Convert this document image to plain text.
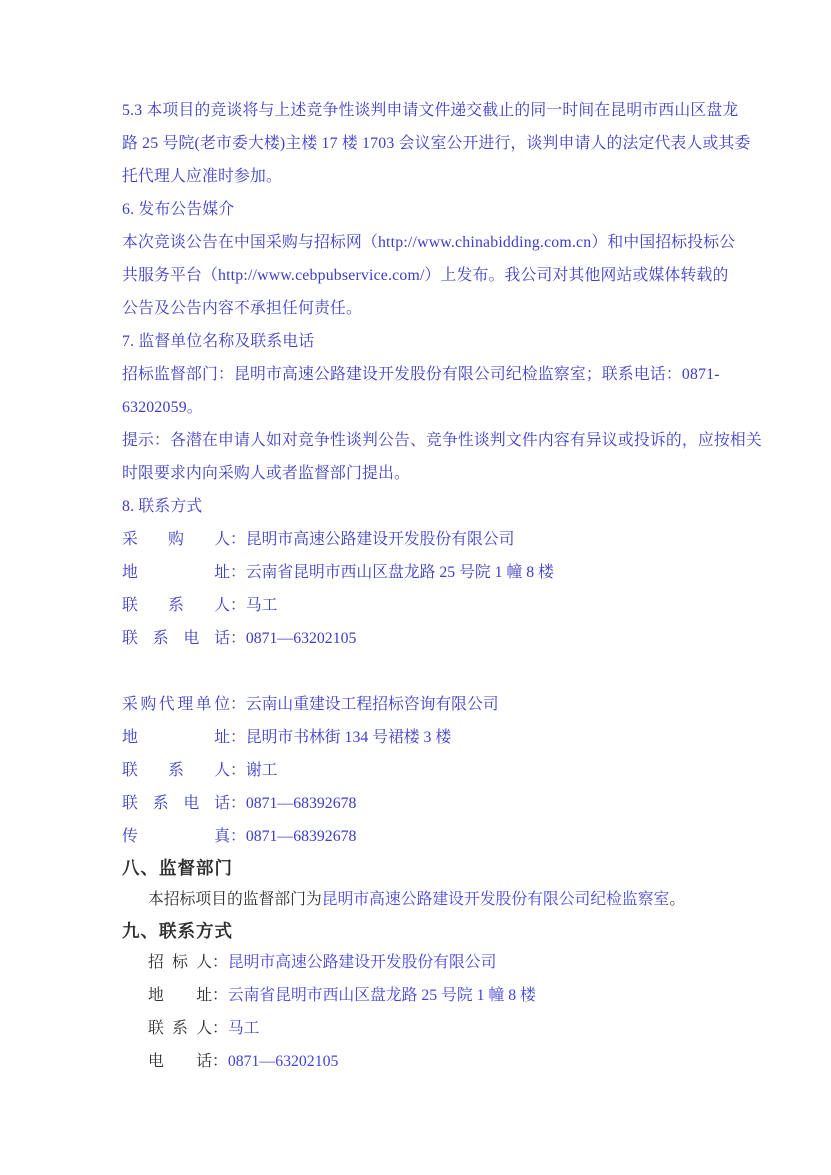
5.3 本项目的竞谈将与上述竞争性谈判申请文件递交截止的同一时间在昆明市西山区盘龙

路 25 号院(老市委大楼)主楼 17 楼 1703 会议室公开进行，谈判申请人的法定代表人或其委

托代理人应准时参加。

6. 发布公告媒介

本次竞谈公告在中国采购与招标网（http://www.chinabidding.com.cn）和中国招标投标公

共服务平台（http://www.cebpubservice.com/）上发布。我公司对其他网站或媒体转载的

公告及公告内容不承担任何责任。

7. 监督单位名称及联系电话

招标监督部门：昆明市高速公路建设开发股份有限公司纪检监察室；联系电话：0871-

63202059。

提示：各潜在申请人如对竞争性谈判公告、竞争性谈判文件内容有异议或投诉的，应按相关

时限要求内向采购人或者监督部门提出。

8. 联系方式

采购人：昆明市高速公路建设开发股份有限公司
地址：云南省昆明市西山区盘龙路 25 号院 1 幢 8 楼
联系人：马工
联系电话：0871—63202105
采购代理单位：云南山重建设工程招标咨询有限公司
地址：昆明市书林街 134 号裙楼 3 楼
联系人：谢工
联系电话：0871—68392678
传真：0871—68392678

八、监督部门

本招标项目的监督部门为昆明市高速公路建设开发股份有限公司纪检监察室。

九、联系方式

招标人：昆明市高速公路建设开发股份有限公司
地址：云南省昆明市西山区盘龙路 25 号院 1 幢 8 楼
联系人：马工
电话：0871—63202105
